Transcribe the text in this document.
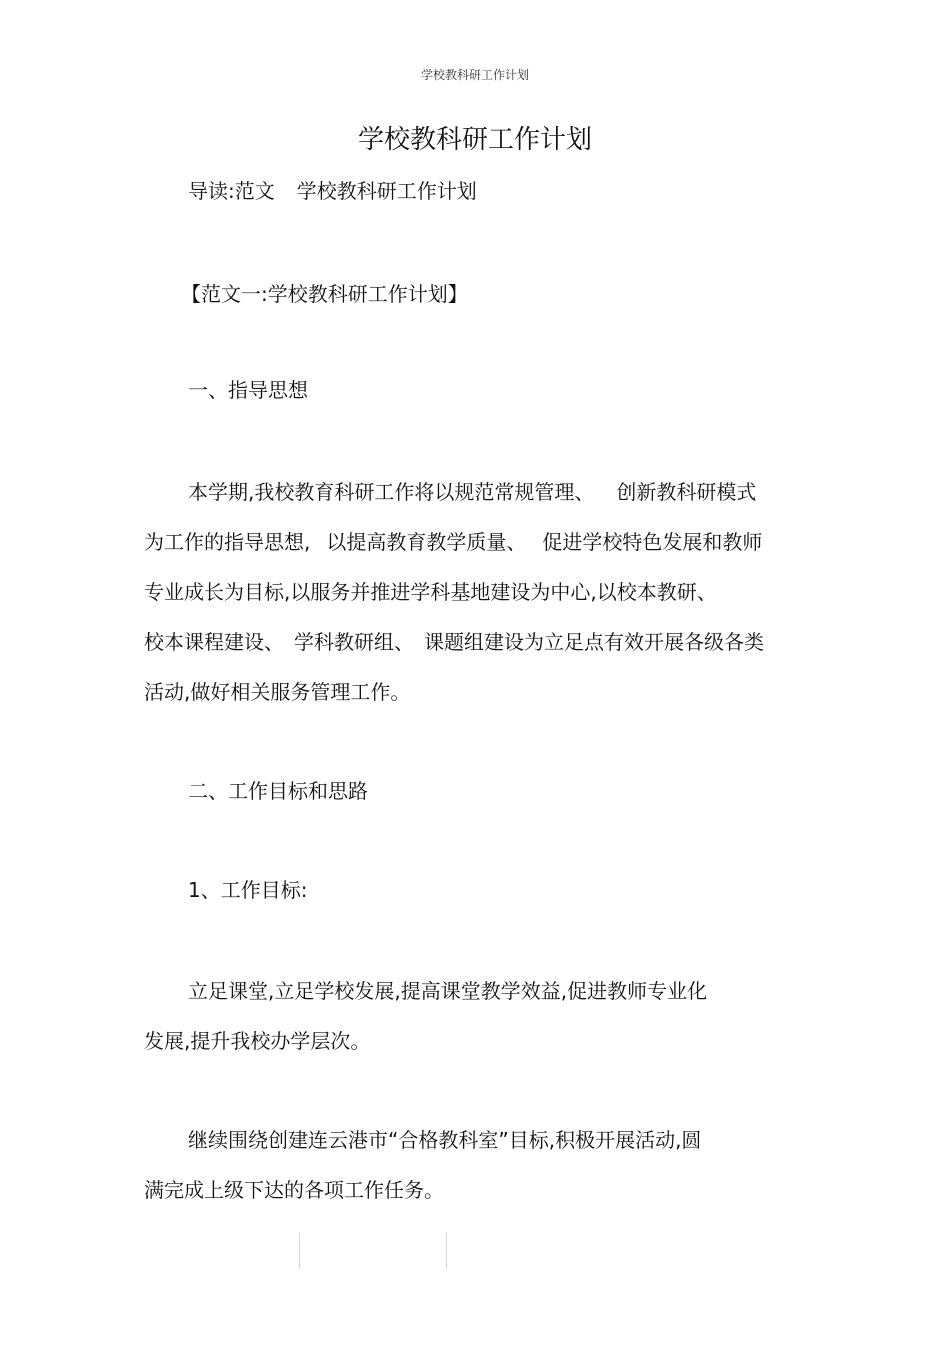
学校教科研工作计划
学校教科研工作计划
导读:范文 学校教科研工作计划
【范文一:学校教科研工作计划】
一、指导思想
本学期,我校教育科研工作将以规范常规管理、 创新教科研模式
为工作的指导思想, 以提高教育教学质量、 促进学校特色发展和教师
专业成长为目标,以服务并推进学科基地建设为中心,以校本教研、
校本课程建设、 学科教研组、 课题组建设为立足点有效开展各级各类
活动,做好相关服务管理工作。
二、工作目标和思路
1、工作目标:
立足课堂,立足学校发展,提高课堂教学效益,促进教师专业化
发展,提升我校办学层次。
继续围绕创建连云港市“合格教科室”目标,积极开展活动,圆
满完成上级下达的各项工作任务。
